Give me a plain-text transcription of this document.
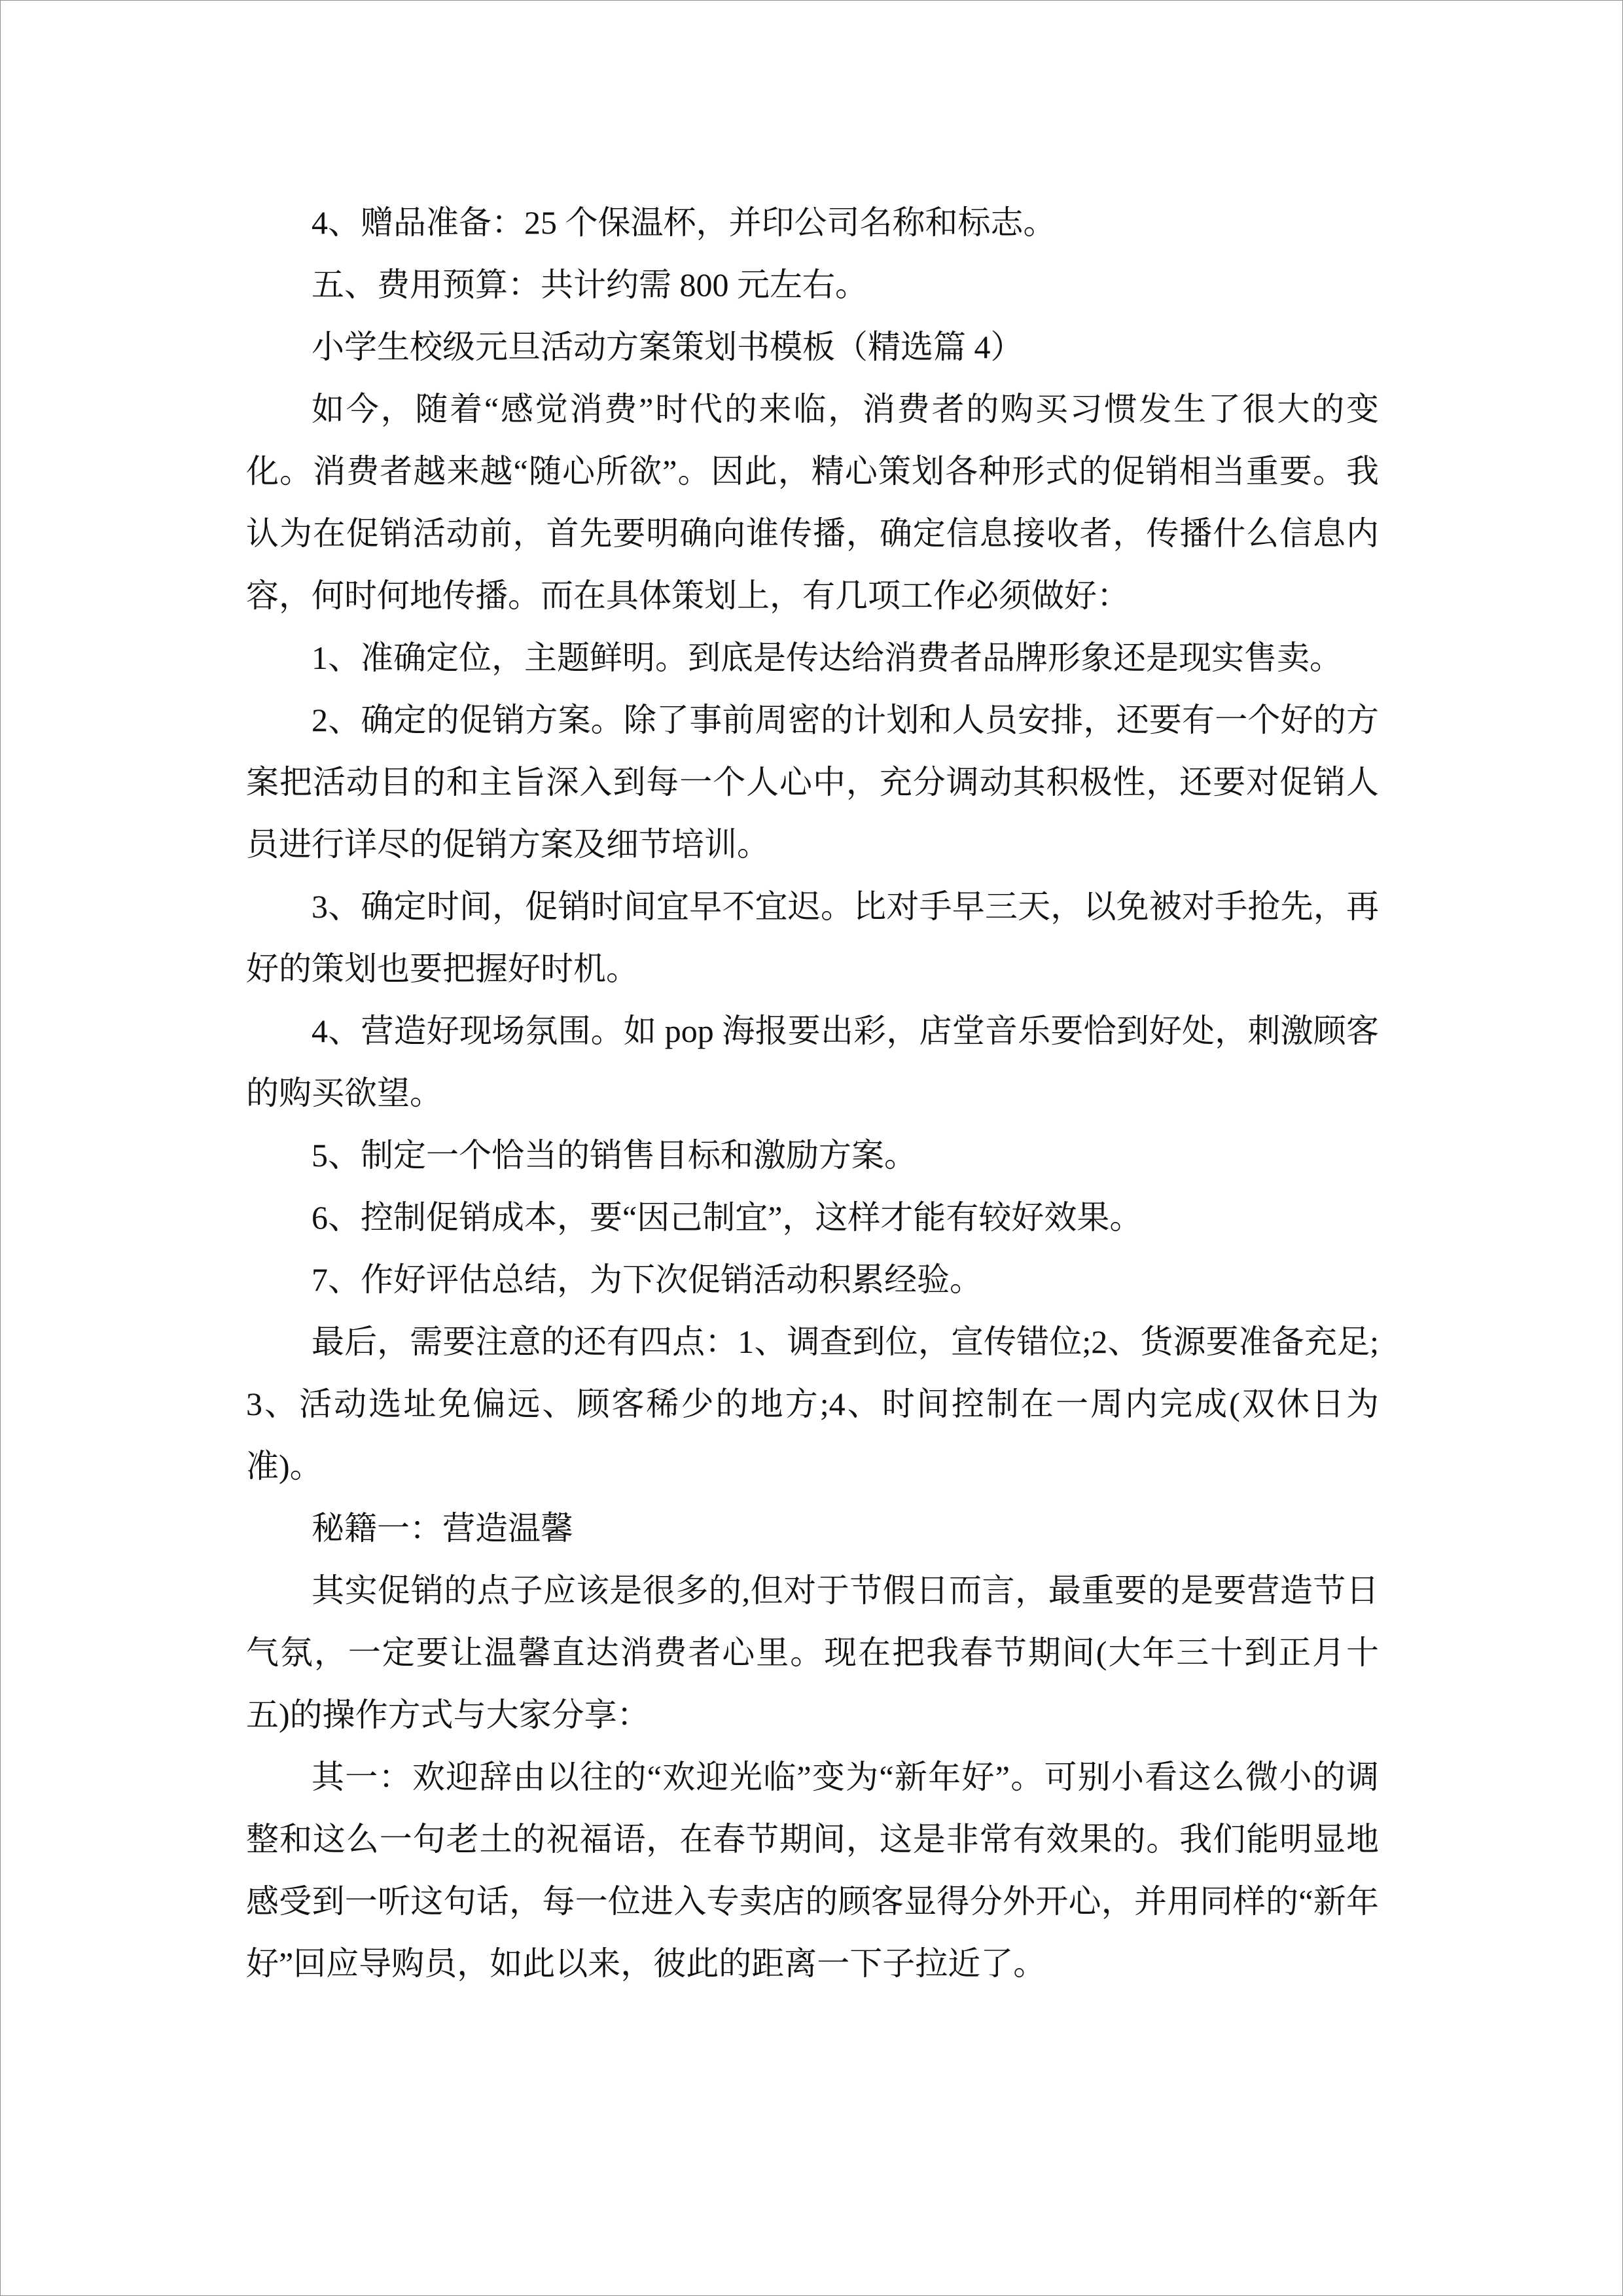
4、赠品准备：25 个保温杯，并印公司名称和标志。

五、费用预算：共计约需 800 元左右。

小学生校级元旦活动方案策划书模板（精选篇 4）

如今，随着“感觉消费”时代的来临，消费者的购买习惯发生了很大的变化。消费者越来越“随心所欲”。因此，精心策划各种形式的促销相当重要。我认为在促销活动前，首先要明确向谁传播，确定信息接收者，传播什么信息内容，何时何地传播。而在具体策划上，有几项工作必须做好：

1、准确定位，主题鲜明。到底是传达给消费者品牌形象还是现实售卖。

2、确定的促销方案。除了事前周密的计划和人员安排，还要有一个好的方案把活动目的和主旨深入到每一个人心中，充分调动其积极性，还要对促销人员进行详尽的促销方案及细节培训。

3、确定时间，促销时间宜早不宜迟。比对手早三天，以免被对手抢先，再好的策划也要把握好时机。

4、营造好现场氛围。如 pop 海报要出彩，店堂音乐要恰到好处，刺激顾客的购买欲望。

5、制定一个恰当的销售目标和激励方案。

6、控制促销成本，要“因己制宜”，这样才能有较好效果。

7、作好评估总结，为下次促销活动积累经验。

最后，需要注意的还有四点：1、调查到位，宣传错位;2、货源要准备充足;3、活动选址免偏远、顾客稀少的地方;4、时间控制在一周内完成(双休日为准)。

秘籍一：营造温馨

其实促销的点子应该是很多的,但对于节假日而言，最重要的是要营造节日气氛，一定要让温馨直达消费者心里。现在把我春节期间(大年三十到正月十五)的操作方式与大家分享：

其一：欢迎辞由以往的“欢迎光临”变为“新年好”。可别小看这么微小的调整和这么一句老土的祝福语，在春节期间，这是非常有效果的。我们能明显地感受到一听这句话，每一位进入专卖店的顾客显得分外开心，并用同样的“新年好”回应导购员，如此以来，彼此的距离一下子拉近了。
